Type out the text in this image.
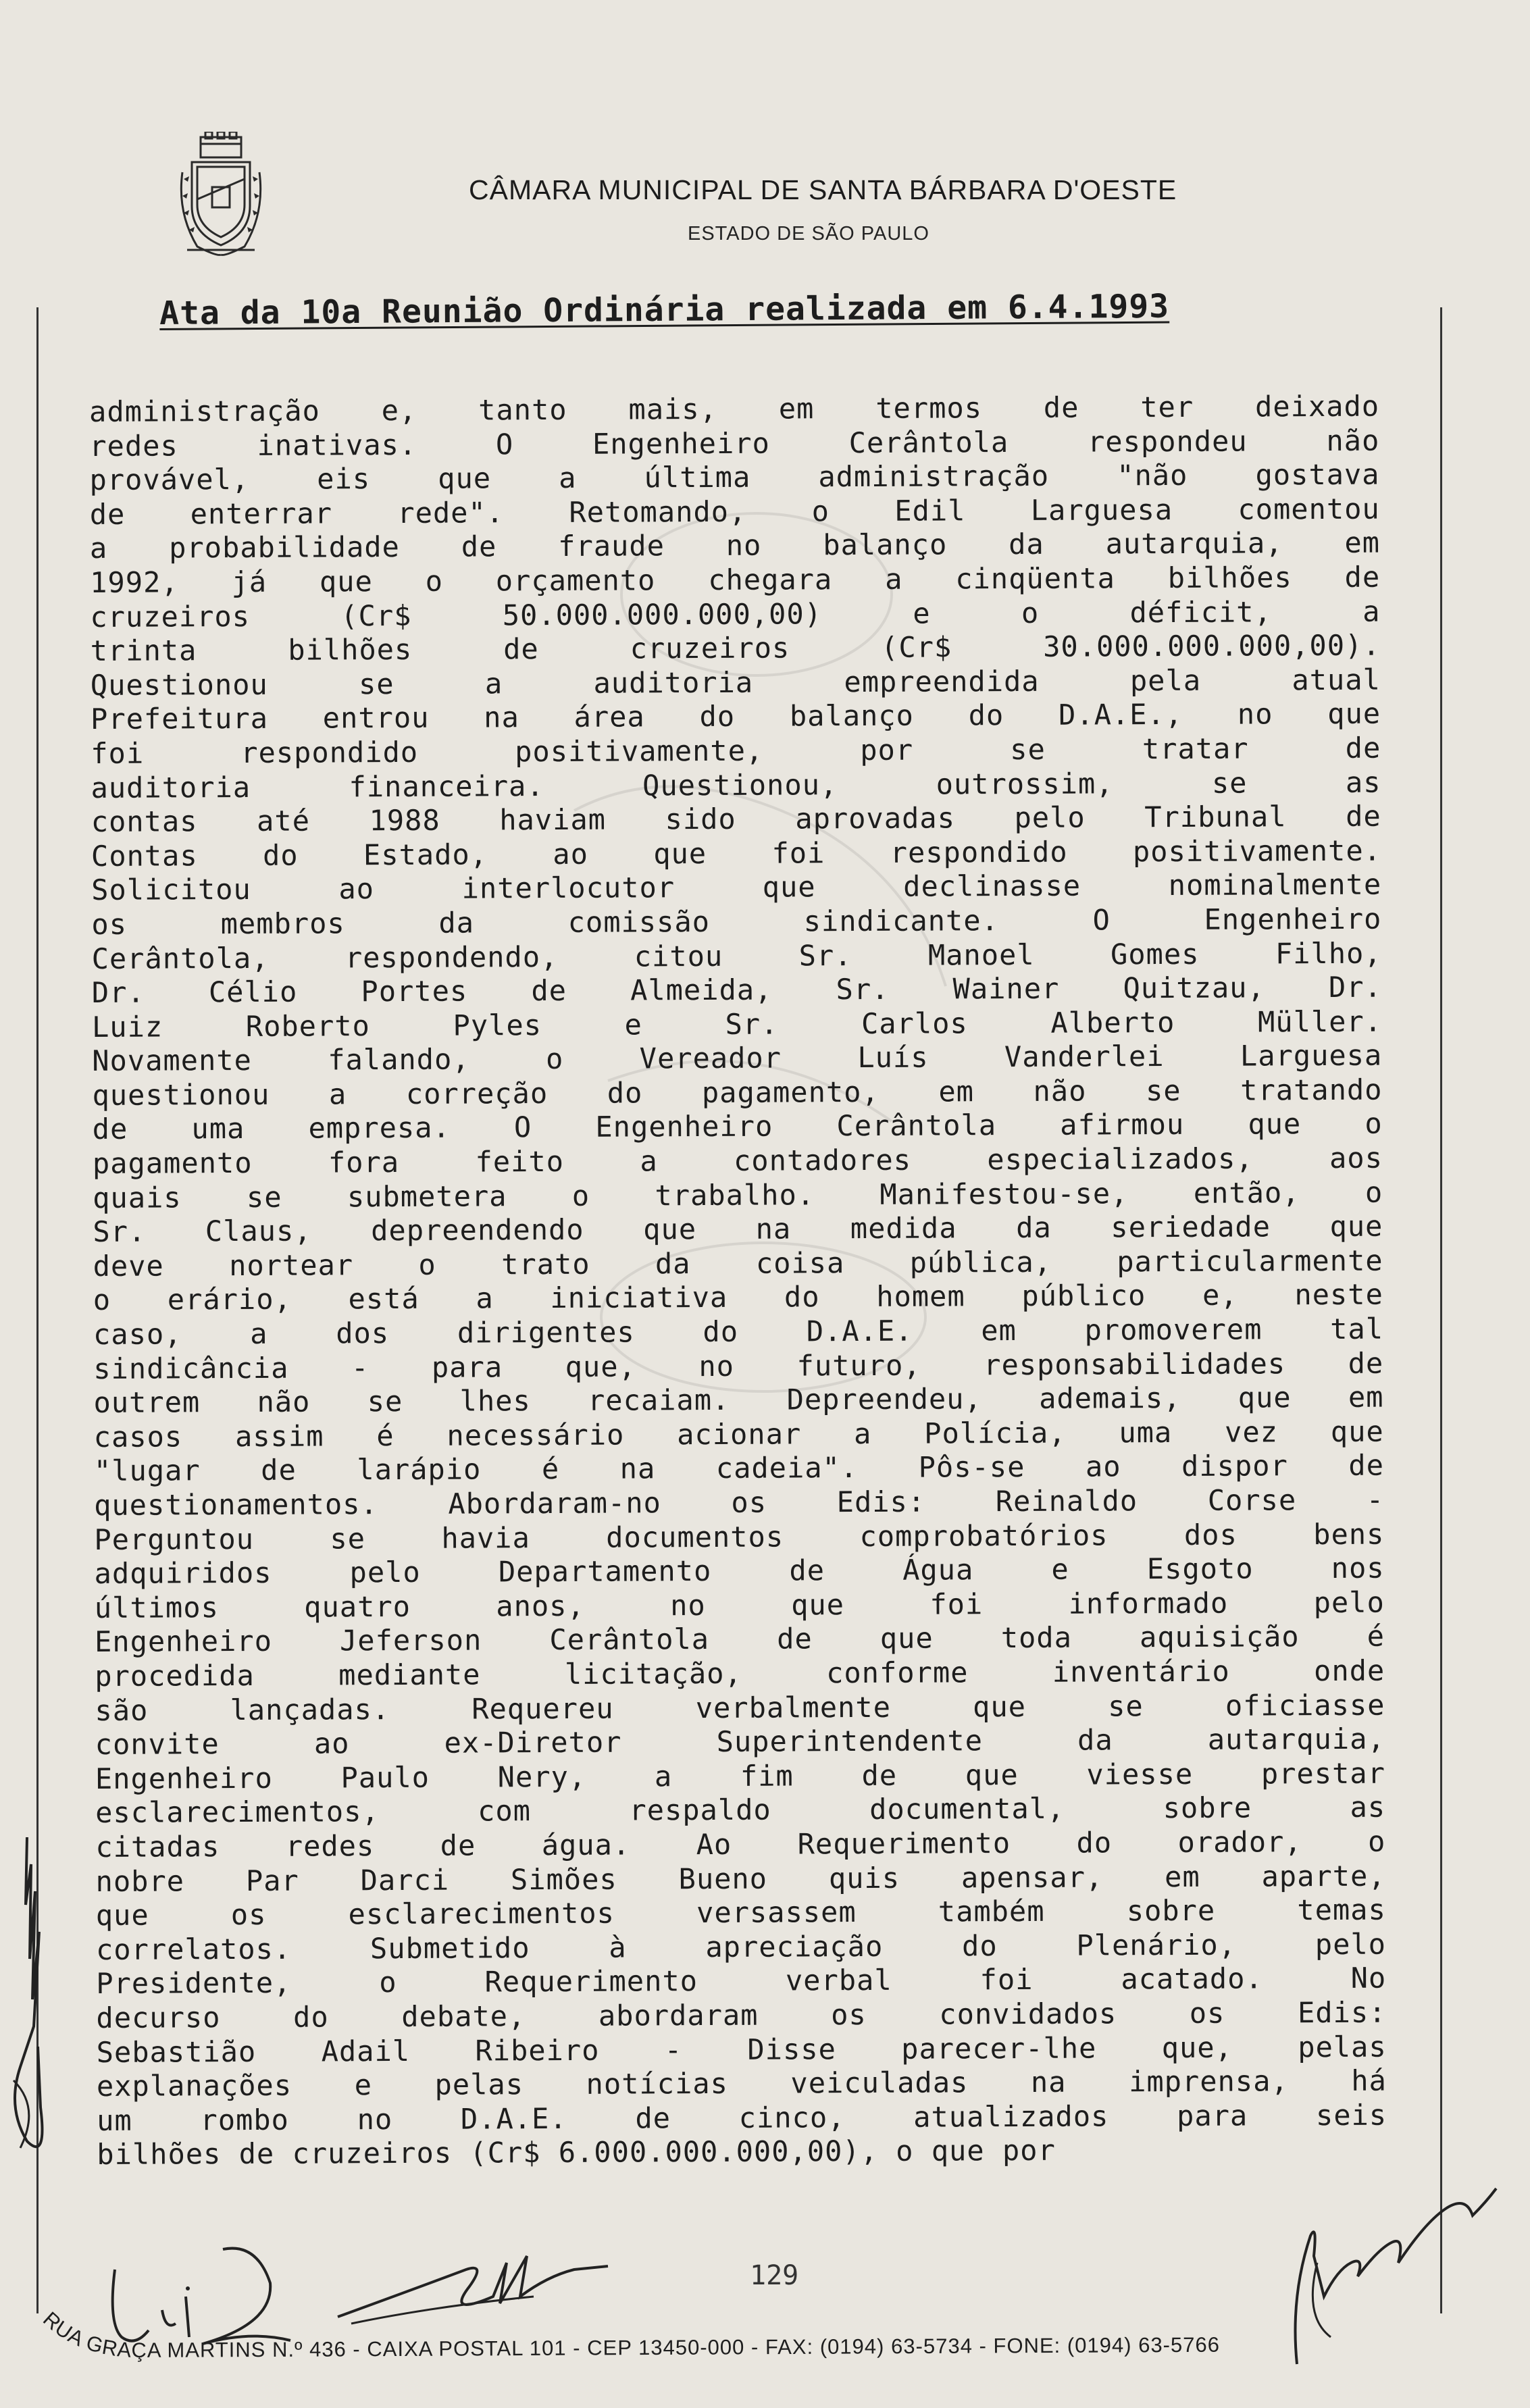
CÂMARA MUNICIPAL DE SANTA BÁRBARA D'OESTE
ESTADO DE SÃO PAULO
Ata da 10a Reunião Ordinária realizada em 6.4.1993
administração e, tanto mais, em termos de ter deixado
redes inativas. O Engenheiro Cerântola respondeu não
provável, eis que a última administração "não gostava
de enterrar rede". Retomando, o Edil Larguesa comentou
a probabilidade de fraude no balanço da autarquia, em
1992, já que o orçamento chegara a cinqüenta bilhões de
cruzeiros (Cr$ 50.000.000.000,00) e o déficit, a
trinta bilhões de cruzeiros (Cr$ 30.000.000.000,00).
Questionou se a auditoria empreendida pela atual
Prefeitura entrou na área do balanço do D.A.E., no que
foi respondido positivamente, por se tratar de
auditoria financeira. Questionou, outrossim, se as
contas até 1988 haviam sido aprovadas pelo Tribunal de
Contas do Estado, ao que foi respondido positivamente.
Solicitou ao interlocutor que declinasse nominalmente
os membros da comissão sindicante. O Engenheiro
Cerântola, respondendo, citou Sr. Manoel Gomes Filho,
Dr. Célio Portes de Almeida, Sr. Wainer Quitzau, Dr.
Luiz Roberto Pyles e Sr. Carlos Alberto Müller.
Novamente falando, o Vereador Luís Vanderlei Larguesa
questionou a correção do pagamento, em não se tratando
de uma empresa. O Engenheiro Cerântola afirmou que o
pagamento fora feito a contadores especializados, aos
quais se submetera o trabalho. Manifestou-se, então, o
Sr. Claus, depreendendo que na medida da seriedade que
deve nortear o trato da coisa pública, particularmente
o erário, está a iniciativa do homem público e, neste
caso, a dos dirigentes do D.A.E. em promoverem tal
sindicância - para que, no futuro, responsabilidades de
outrem não se lhes recaiam. Depreendeu, ademais, que em
casos assim é necessário acionar a Polícia, uma vez que
"lugar de larápio é na cadeia". Pôs-se ao dispor de
questionamentos. Abordaram-no os Edis: Reinaldo Corse -
Perguntou se havia documentos comprobatórios dos bens
adquiridos pelo Departamento de Água e Esgoto nos
últimos quatro anos, no que foi informado pelo
Engenheiro Jeferson Cerântola de que toda aquisição é
procedida mediante licitação, conforme inventário onde
são lançadas. Requereu verbalmente que se oficiasse
convite ao ex-Diretor Superintendente da autarquia,
Engenheiro Paulo Nery, a fim de que viesse prestar
esclarecimentos, com respaldo documental, sobre as
citadas redes de água. Ao Requerimento do orador, o
nobre Par Darci Simões Bueno quis apensar, em aparte,
que os esclarecimentos versassem também sobre temas
correlatos. Submetido à apreciação do Plenário, pelo
Presidente, o Requerimento verbal foi acatado. No
decurso do debate, abordaram os convidados os Edis:
Sebastião Adail Ribeiro - Disse parecer-lhe que, pelas
explanações e pelas notícias veiculadas na imprensa, há
um rombo no D.A.E. de cinco, atualizados para seis
bilhões de cruzeiros (Cr$ 6.000.000.000,00), o que por
129
RUA GRAÇA MARTINS N.º 436 - CAIXA POSTAL 101 - CEP 13450-000 - FAX: (0194) 63-5734 - FONE: (0194) 63-5766
